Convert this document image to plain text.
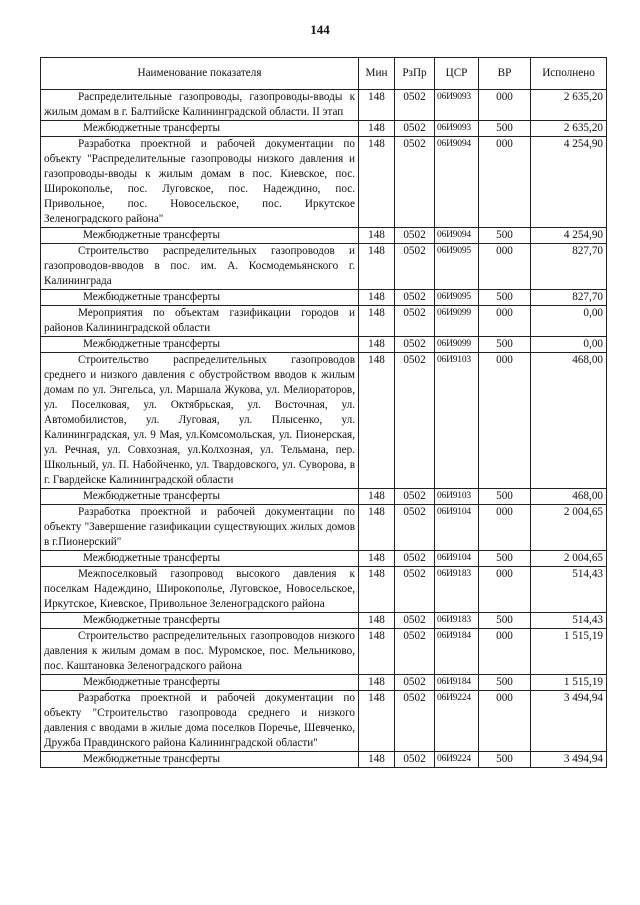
144
Наименование показателя	Мин	РзПр	ЦСР	ВР	Исполнено
Распределительные газопроводы, газопроводы-вводы к жилым домам в г. Балтийске Калининградской области. II этап	148	0502	06И9093	000	2 635,20
Межбюджетные трансферты	148	0502	06И9093	500	2 635,20
Разработка проектной и рабочей документации по объекту "Распределительные газопроводы низкого давления и газопроводы-вводы к жилым домам в пос. Киевское, пос. Широкополье, пос. Луговское, пос. Надеждино, пос. Привольное, пос. Новосельское, пос. Иркутское Зеленоградского района"	148	0502	06И9094	000	4 254,90
Межбюджетные трансферты	148	0502	06И9094	500	4 254,90
Строительство распределительных газопроводов и газопроводов-вводов в пос. им. А. Космодемьянского г. Калининграда	148	0502	06И9095	000	827,70
Межбюджетные трансферты	148	0502	06И9095	500	827,70
Мероприятия по объектам газификации городов и районов Калининградской области	148	0502	06И9099	000	0,00
Межбюджетные трансферты	148	0502	06И9099	500	0,00
Строительство распределительных газопроводов среднего и низкого давления с обустройством вводов к жилым домам по ул. Энгельса, ул. Маршала Жукова, ул. Мелиораторов, ул. Поселковая, ул. Октябрьская, ул. Восточная, ул. Автомобилистов, ул. Луговая, ул. Плысенко, ул. Калининградская, ул. 9 Мая, ул.Комсомольская, ул. Пионерская, ул. Речная, ул. Совхозная, ул.Колхозная, ул. Тельмана, пер. Школьный, ул. П. Набойченко, ул. Твардовского, ул. Суворова, в г. Гвардейске Калининградской области	148	0502	06И9103	000	468,00
Межбюджетные трансферты	148	0502	06И9103	500	468,00
Разработка проектной и рабочей документации по объекту "Завершение газификации существующих жилых домов в г.Пионерский"	148	0502	06И9104	000	2 004,65
Межбюджетные трансферты	148	0502	06И9104	500	2 004,65
Межпоселковый газопровод высокого давления к поселкам Надеждино, Широкополье, Луговское, Новосельское, Иркутское, Киевское, Привольное Зеленоградского района	148	0502	06И9183	000	514,43
Межбюджетные трансферты	148	0502	06И9183	500	514,43
Строительство распределительных газопроводов низкого давления к жилым домам в пос. Муромское, пос. Мельниково, пос. Каштановка Зеленоградского района	148	0502	06И9184	000	1 515,19
Межбюджетные трансферты	148	0502	06И9184	500	1 515,19
Разработка проектной и рабочей документации по объекту "Строительство газопровода среднего и низкого давления с вводами в жилые дома поселков Поречье, Шевченко, Дружба Правдинского района Калининградской области"	148	0502	06И9224	000	3 494,94
Межбюджетные трансферты	148	0502	06И9224	500	3 494,94
